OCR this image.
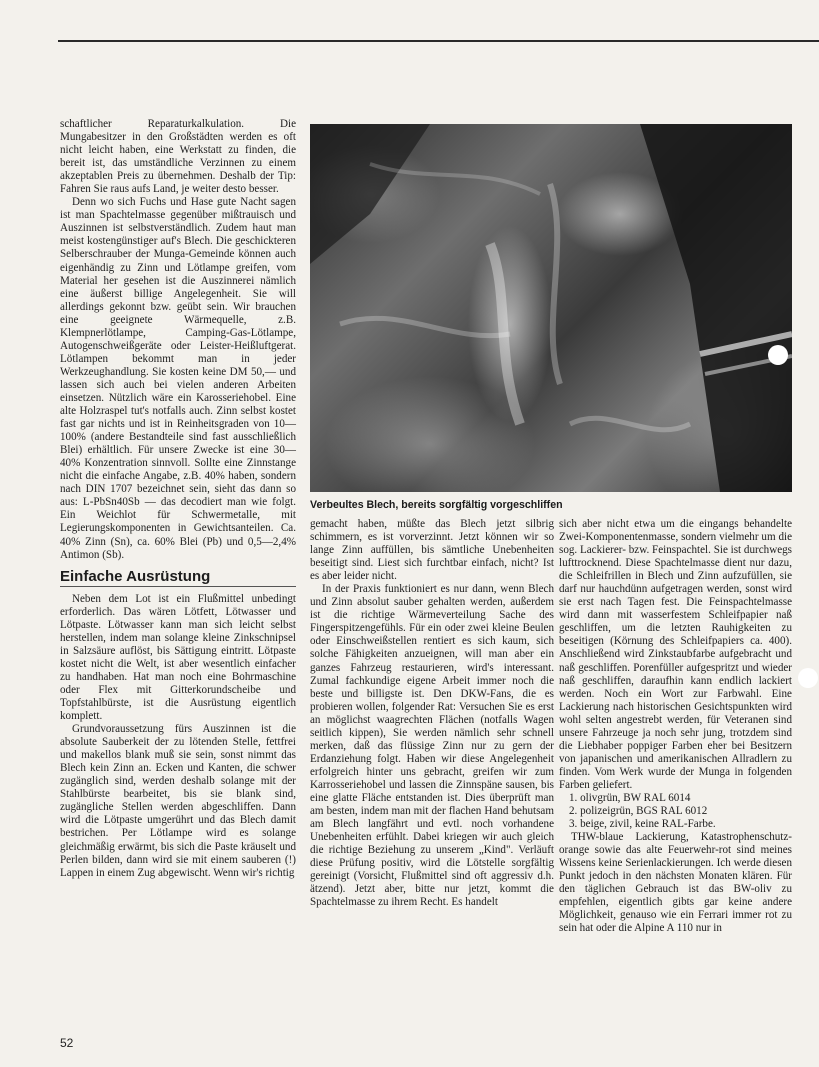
schaftlicher Reparaturkalkulation. Die Mungabesitzer in den Großstädten werden es oft nicht leicht haben, eine Werkstatt zu finden, die bereit ist, das umständliche Verzinnen zu einem akzeptablen Preis zu übernehmen. Deshalb der Tip: Fahren Sie raus aufs Land, je weiter desto besser.

Denn wo sich Fuchs und Hase gute Nacht sagen ist man Spachtelmasse gegenüber mißtrauisch und Auszinnen ist selbstverständlich. Zudem haut man meist kostengünstiger auf's Blech. Die geschickteren Selberschrauber der Munga-Gemeinde können auch eigenhändig zu Zinn und Lötlampe greifen, vom Material her gesehen ist die Auszinnerei nämlich eine äußerst billige Angelegenheit. Sie will allerdings gekonnt bzw. geübt sein. Wir brauchen eine geeignete Wärmequelle, z.B. Klempnerlötlampe, Camping-Gas-Lötlampe, Autogenschweißgeräte oder Leister-Heißluftgerat. Lötlampen bekommt man in jeder Werkzeughandlung. Sie kosten keine DM 50,— und lassen sich auch bei vielen anderen Arbeiten einsetzen. Nützlich wäre ein Karosseriehobel. Eine alte Holzraspel tut's notfalls auch. Zinn selbst kostet fast gar nichts und ist in Reinheitsgraden von 10—100% (andere Bestandteile sind fast ausschließlich Blei) erhältlich. Für unsere Zwecke ist eine 30—40% Konzentration sinnvoll. Sollte eine Zinnstange nicht die einfache Angabe, z.B. 40% haben, sondern nach DIN 1707 bezeichnet sein, sieht das dann so aus: L-PbSn40Sb — das decodiert man wie folgt. Ein Weichlot für Schwermetalle, mit Legierungskomponenten in Gewichtsanteilen. Ca. 40% Zinn (Sn), ca. 60% Blei (Pb) und 0,5—2,4% Antimon (Sb).

Einfache Ausrüstung

Neben dem Lot ist ein Flußmittel unbedingt erforderlich. Das wären Lötfett, Lötwasser und Lötpaste. Lötwasser kann man sich leicht selbst herstellen, indem man solange kleine Zinkschnipsel in Salzsäure auflöst, bis Sättigung eintritt. Lötpaste kostet nicht die Welt, ist aber wesentlich einfacher zu handhaben. Hat man noch eine Bohrmaschine oder Flex mit Gitterkorundscheibe und Topfstahlbürste, ist die Ausrüstung eigentlich komplett.

Grundvoraussetzung fürs Auszinnen ist die absolute Sauberkeit der zu lötenden Stelle, fettfrei und makellos blank muß sie sein, sonst nimmt das Blech kein Zinn an. Ecken und Kanten, die schwer zugänglich sind, werden deshalb solange mit der Stahlbürste bearbeitet, bis sie blank sind, zugängliche Stellen werden abgeschliffen. Dann wird die Lötpaste umgerührt und das Blech damit bestrichen. Per Lötlampe wird es solange gleichmäßig erwärmt, bis sich die Paste kräuselt und Perlen bilden, dann wird sie mit einem sauberen (!) Lappen in einem Zug abgewischt. Wenn wir's richtig

Verbeultes Blech, bereits sorgfältig vorgeschliffen

gemacht haben, müßte das Blech jetzt silbrig schimmern, es ist vorverzinnt. Jetzt können wir so lange Zinn auffüllen, bis sämtliche Unebenheiten beseitigt sind. Liest sich furchtbar einfach, nicht? Ist es aber leider nicht.

In der Praxis funktioniert es nur dann, wenn Blech und Zinn absolut sauber gehalten werden, außerdem ist die richtige Wärmeverteilung Sache des Fingerspitzengefühls. Für ein oder zwei kleine Beulen oder Einschweißstellen rentiert es sich kaum, sich solche Fähigkeiten anzueignen, will man aber ein ganzes Fahrzeug restaurieren, wird's interessant. Zumal fachkundige eigene Arbeit immer noch die beste und billigste ist. Den DKW-Fans, die es probieren wollen, folgender Rat: Versuchen Sie es erst an möglichst waagrechten Flächen (notfalls Wagen seitlich kippen), Sie werden nämlich sehr schnell merken, daß das flüssige Zinn nur zu gern der Erdanziehung folgt. Haben wir diese Angelegenheit erfolgreich hinter uns gebracht, greifen wir zum Karrosseriehobel und lassen die Zinnspäne sausen, bis eine glatte Fläche entstanden ist. Dies überprüft man am besten, indem man mit der flachen Hand behutsam am Blech langfährt und evtl. noch vorhandene Unebenheiten erfühlt. Dabei kriegen wir auch gleich die richtige Beziehung zu unserem „Kind". Verläuft diese Prüfung positiv, wird die Lötstelle sorgfältig gereinigt (Vorsicht, Flußmittel sind oft aggressiv d.h. ätzend). Jetzt aber, bitte nur jetzt, kommt die Spachtelmasse zu ihrem Recht. Es handelt

sich aber nicht etwa um die eingangs behandelte Zwei-Komponentenmasse, sondern vielmehr um die sog. Lackierer- bzw. Feinspachtel. Sie ist durchwegs lufttrocknend. Diese Spachtelmasse dient nur dazu, die Schleifrillen in Blech und Zinn aufzufüllen, sie darf nur hauchdünn aufgetragen werden, sonst wird sie erst nach Tagen fest. Die Feinspachtelmasse wird dann mit wasserfestem Schleifpapier naß geschliffen, um die letzten Rauhigkeiten zu beseitigen (Körnung des Schleifpapiers ca. 400). Anschließend wird Zinkstaubfarbe aufgebracht und naß geschliffen. Porenfüller aufgespritzt und wieder naß geschliffen, daraufhin kann endlich lackiert werden. Noch ein Wort zur Farbwahl. Eine Lackierung nach historischen Gesichtspunkten wird wohl selten angestrebt werden, für Veteranen sind unsere Fahrzeuge ja noch sehr jung, trotzdem sind die Liebhaber poppiger Farben eher bei Besitzern von japanischen und amerikanischen Allradlern zu finden. Vom Werk wurde der Munga in folgenden Farben geliefert.

1. olivgrün, BW RAL 6014

2. polizeigrün, BGS RAL 6012

3. beige, zivil, keine RAL-Farbe.

THW-blaue Lackierung, Katastrophenschutz-orange sowie das alte Feuerwehr-rot sind meines Wissens keine Serienlackierungen. Ich werde diesen Punkt jedoch in den nächsten Monaten klären. Für den täglichen Gebrauch ist das BW-oliv zu empfehlen, eigentlich gibts gar keine andere Möglichkeit, genauso wie ein Ferrari immer rot zu sein hat oder die Alpine A 110 nur in

52
